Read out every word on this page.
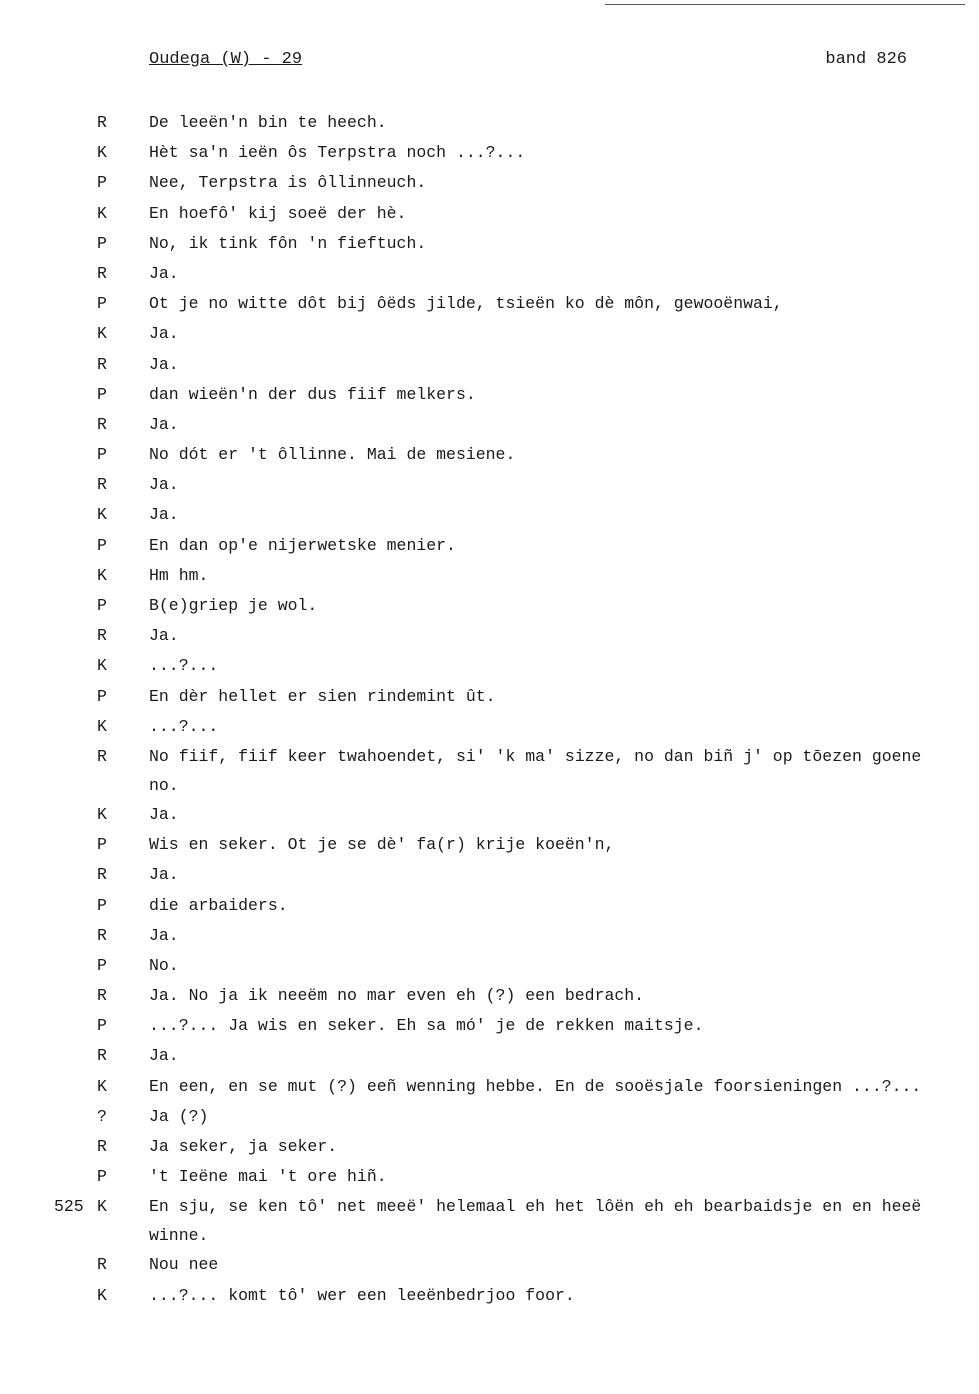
Oudega (W) - 29	band 826
R	De leeën'n bin te heech.
K	Hèt sa'n ieën ôs Terpstra noch ...?...
P	Nee, Terpstra is ôllinneuch.
K	En hoefô' kij soeë der hè.
P	No, ik tink fôn 'n fieftuch.
R	Ja.
P	Ot je no witte dôt bij ôëds jilde, tsieën ko dè môn, gewooënwai,
K	Ja.
R	Ja.
P	dan wieën'n der dus fiif melkers.
R	Ja.
P	No dót er 't ôllinne. Mai de mesiene.
R	Ja.
K	Ja.
P	En dan op'e nijerwetske menier.
K	Hm hm.
P	B(e)griep je wol.
R	Ja.
K	...?...
P	En dèr hellet er sien rindemint ût.
K	...?...
R	No fiif, fiif keer twahoendet, si' 'k ma' sizze, no dan biñ j' op tōezen goene no.
K	Ja.
P	Wis en seker. Ot je se dè' fa(r) krije koeën'n,
R	Ja.
P	die arbaiders.
R	Ja.
P	No.
R	Ja. No ja ik neeëm no mar even eh (?) een bedrach.
P	...?... Ja wis en seker. Eh sa mó' je de rekken maitsje.
R	Ja.
K	En een, en se mut (?) eeñ wenning hebbe. En de sooësjale foorsieningen ...?...
?	Ja (?)
R	Ja seker, ja seker.
P	't Ieëne mai 't ore hiñ.
525 K	En sju, se ken tô' net meeë' helemaal eh het lôën eh eh bearbaidsje en en heeë winne.
R	Nou nee
K	...?... komt tô' wer een leeënbedrjoo foor.
